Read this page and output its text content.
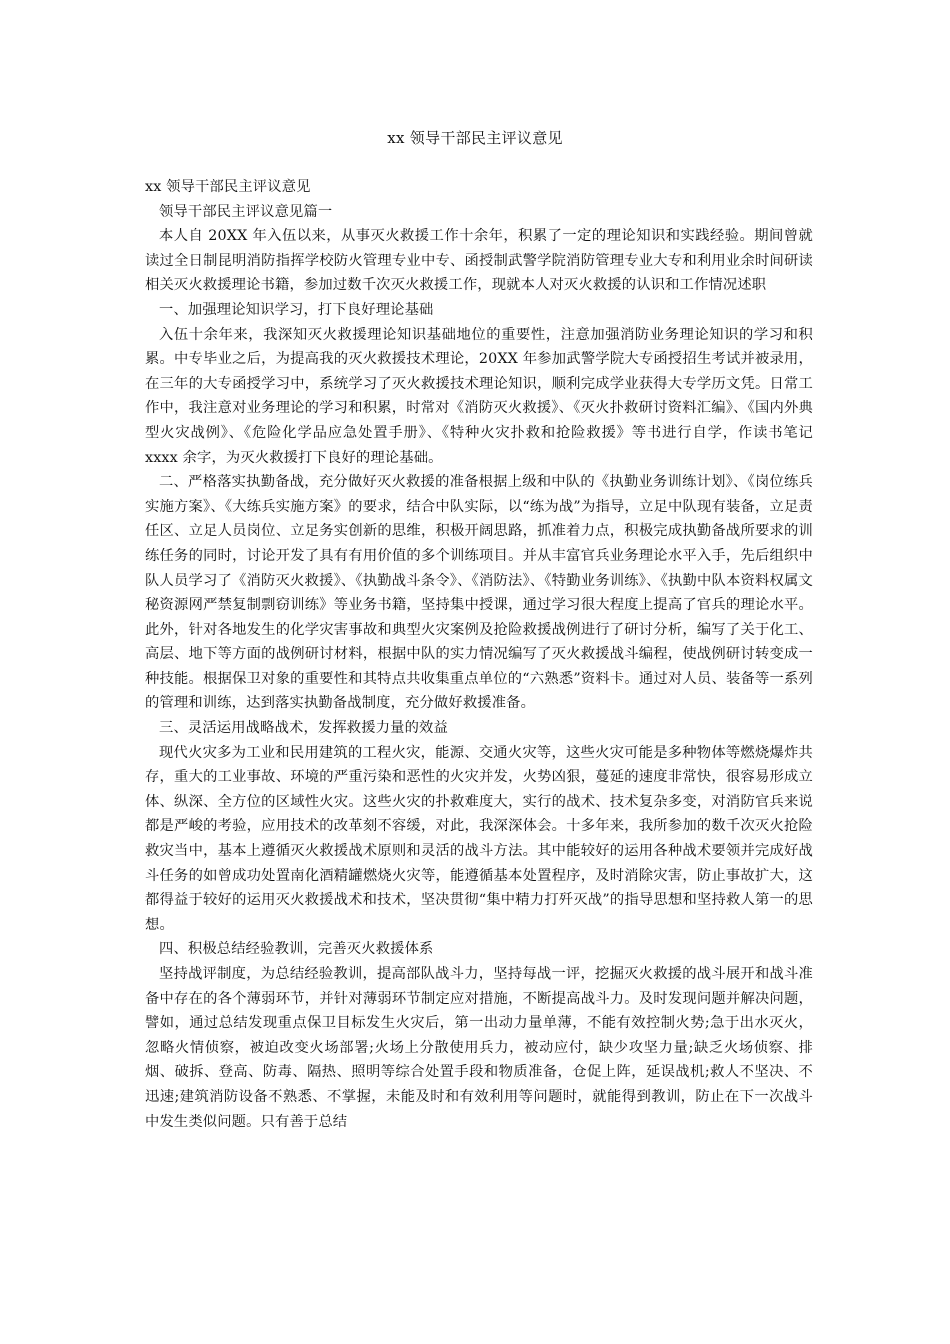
xx 领导干部民主评议意见

xx 领导干部民主评议意见

领导干部民主评议意见篇一

本人自 20XX 年入伍以来，从事灭火救援工作十余年，积累了一定的理论知识和实践经验。期间曾就读过全日制昆明消防指挥学校防火管理专业中专、函授制武警学院消防管理专业大专和利用业余时间研读相关灭火救援理论书籍，参加过数千次灭火救援工作，现就本人对灭火救援的认识和工作情况述职

一、加强理论知识学习，打下良好理论基础

入伍十余年来，我深知灭火救援理论知识基础地位的重要性，注意加强消防业务理论知识的学习和积累。中专毕业之后，为提高我的灭火救援技术理论，20XX 年参加武警学院大专函授招生考试并被录用，在三年的大专函授学习中，系统学习了灭火救援技术理论知识，顺利完成学业获得大专学历文凭。日常工作中，我注意对业务理论的学习和积累，时常对《消防灭火救援》、《灭火扑救研讨资料汇编》、《国内外典型火灾战例》、《危险化学品应急处置手册》、《特种火灾扑救和抢险救援》等书进行自学，作读书笔记 xxxx 余字，为灭火救援打下良好的理论基础。

二、严格落实执勤备战，充分做好灭火救援的准备根据上级和中队的《执勤业务训练计划》、《岗位练兵实施方案》、《大练兵实施方案》的要求，结合中队实际，以“练为战”为指导，立足中队现有装备，立足责任区、立足人员岗位、立足务实创新的思维，积极开阔思路，抓准着力点，积极完成执勤备战所要求的训练任务的同时，讨论开发了具有有用价值的多个训练项目。并从丰富官兵业务理论水平入手，先后组织中队人员学习了《消防灭火救援》、《执勤战斗条令》、《消防法》、《特勤业务训练》、《执勤中队本资料权属文秘资源网严禁复制剽窃训练》等业务书籍，坚持集中授课，通过学习很大程度上提高了官兵的理论水平。此外，针对各地发生的化学灾害事故和典型火灾案例及抢险救援战例进行了研讨分析，编写了关于化工、高层、地下等方面的战例研讨材料，根据中队的实力情况编写了灭火救援战斗编程，使战例研讨转变成一种技能。根据保卫对象的重要性和其特点共收集重点单位的“六熟悉”资料卡。通过对人员、装备等一系列的管理和训练，达到落实执勤备战制度，充分做好救援准备。

三、灵活运用战略战术，发挥救援力量的效益

现代火灾多为工业和民用建筑的工程火灾，能源、交通火灾等，这些火灾可能是多种物体等燃烧爆炸共存，重大的工业事故、环境的严重污染和恶性的火灾并发，火势凶狠，蔓延的速度非常快，很容易形成立体、纵深、全方位的区域性火灾。这些火灾的扑救难度大，实行的战术、技术复杂多变，对消防官兵来说都是严峻的考验，应用技术的改革刻不容缓，对此，我深深体会。十多年来，我所参加的数千次灭火抢险救灾当中，基本上遵循灭火救援战术原则和灵活的战斗方法。其中能较好的运用各种战术要领并完成好战斗任务的如曾成功处置南化酒精罐燃烧火灾等，能遵循基本处置程序，及时消除灾害，防止事故扩大，这都得益于较好的运用灭火救援战术和技术，坚决贯彻“集中精力打歼灭战”的指导思想和坚持救人第一的思想。

四、积极总结经验教训，完善灭火救援体系

坚持战评制度，为总结经验教训，提高部队战斗力，坚持每战一评，挖掘灭火救援的战斗展开和战斗准备中存在的各个薄弱环节，并针对薄弱环节制定应对措施，不断提高战斗力。及时发现问题并解决问题，譬如，通过总结发现重点保卫目标发生火灾后，第一出动力量单薄，不能有效控制火势;急于出水灭火，忽略火情侦察，被迫改变火场部署;火场上分散使用兵力，被动应付，缺少攻坚力量;缺乏火场侦察、排烟、破拆、登高、防毒、隔热、照明等综合处置手段和物质准备，仓促上阵，延误战机;救人不坚决、不迅速;建筑消防设备不熟悉、不掌握，未能及时和有效利用等问题时，就能得到教训，防止在下一次战斗中发生类似问题。只有善于总结
